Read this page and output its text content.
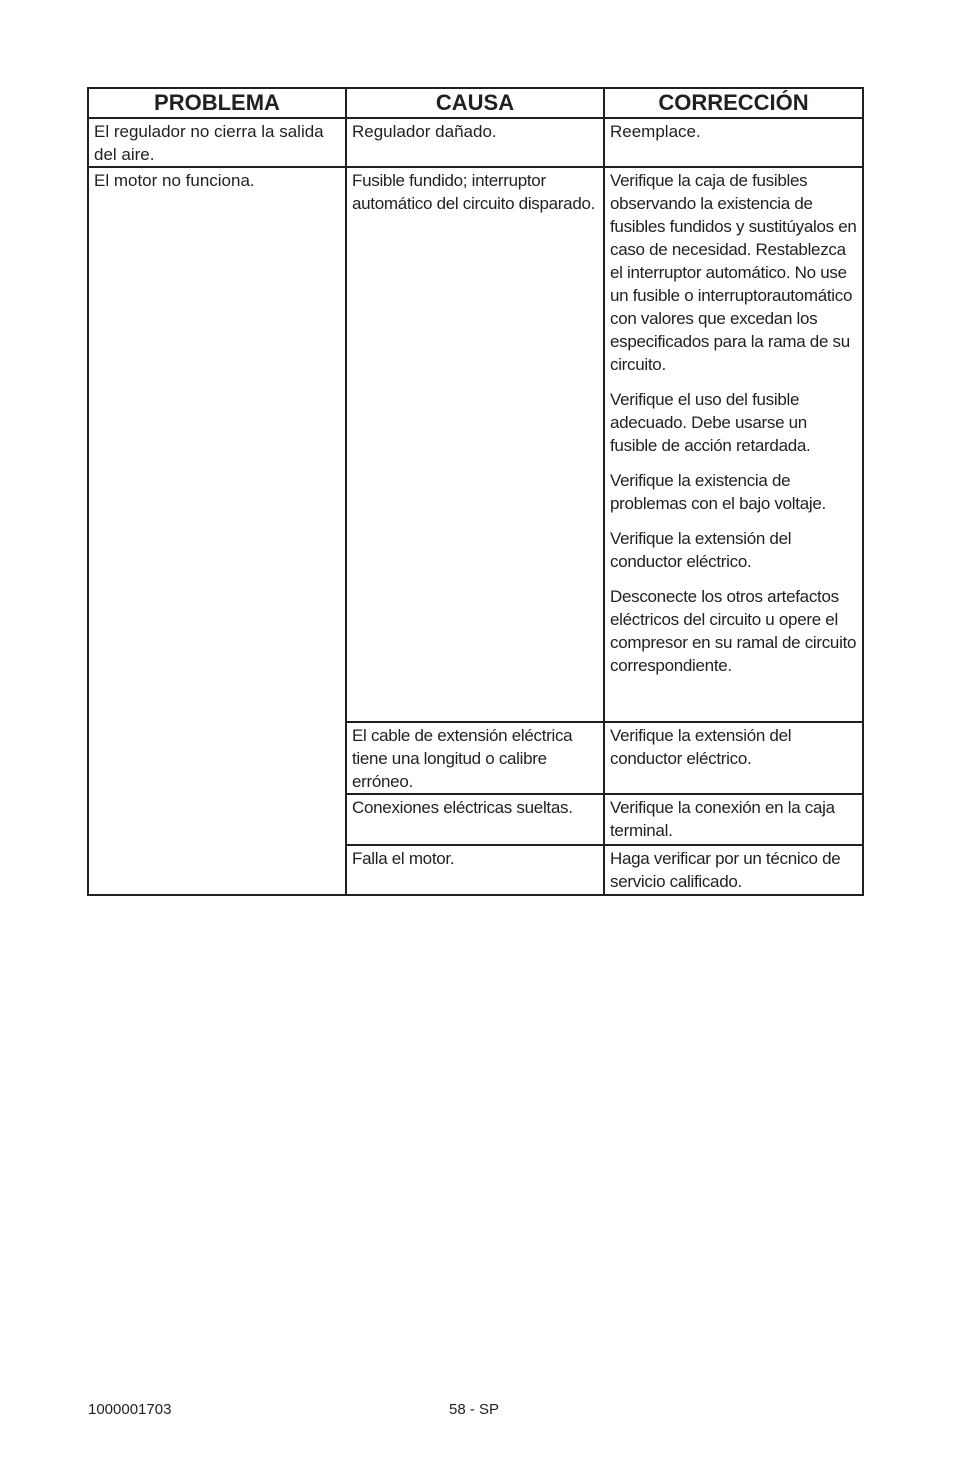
PROBLEMA	CAUSA	CORRECCIÓN
El regulador no cierra la salida del aire.	Regulador dañado.	Reemplace.
El motor no funciona.	Fusible fundido; interruptor automático del circuito disparado.	Verifique la caja de fusibles observando la existencia de fusibles fundidos y sustitúyalos en caso de necesidad. Restablezca el interruptor automático. No use un fusible o interruptorautomático con valores que excedan los especificados para la rama de su circuito.

Verifique el uso del fusible adecuado. Debe usarse un fusible de acción retardada.

Verifique la existencia de problemas con el bajo voltaje.

Verifique la extensión del conductor eléctrico.

Desconecte los otros artefactos eléctricos del circuito u opere el compresor en su ramal de circuito correspondiente.

	El cable de extensión eléctrica tiene una longitud o calibre erróneo.	Verifique la extensión del conductor eléctrico.
	Conexiones eléctricas sueltas.	Verifique la conexión en la caja terminal.
	Falla el motor.	Haga verificar por un técnico de servicio calificado.
1000001703	58 - SP
